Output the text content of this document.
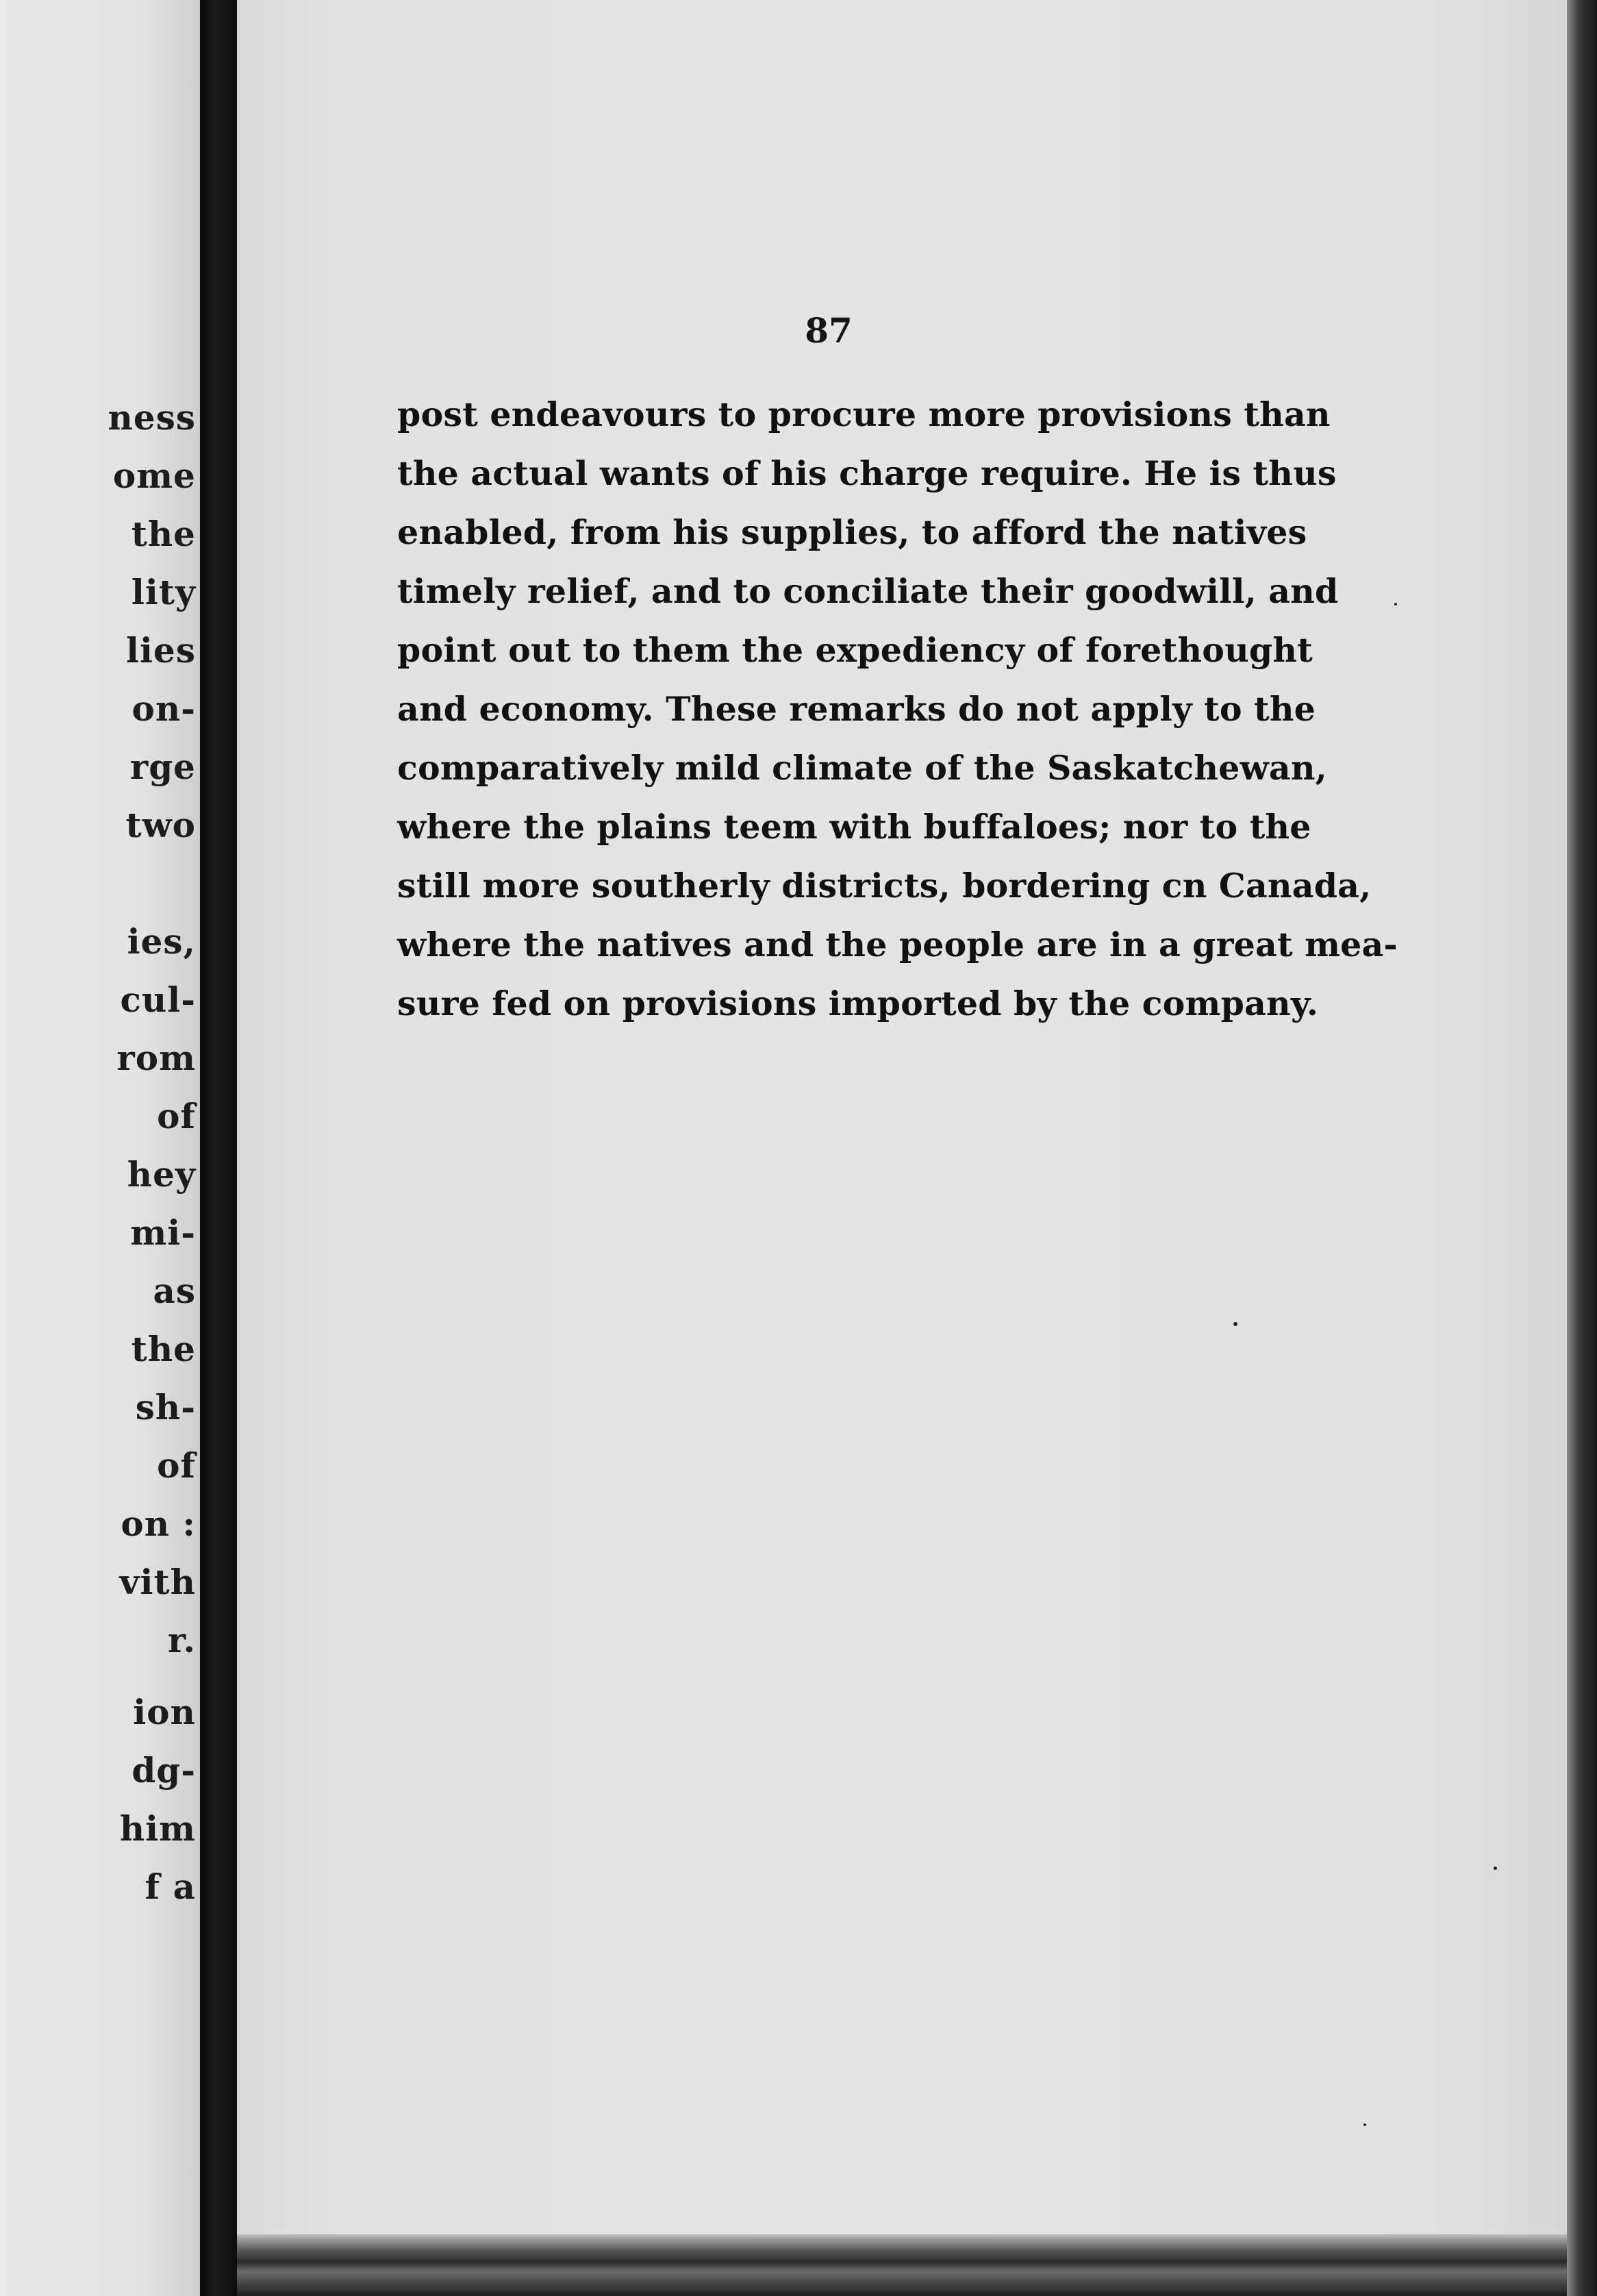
ness
ome
the
lity
lies
on-
rge
two
ies,
cul-
rom
of
hey
mi-
as
the
sh-
of
on :
vith
r.
ion
dg-
him
f a
87
post endeavours to procure more provisions than
the actual wants of his charge require. He is thus
enabled, from his supplies, to afford the natives
timely relief, and to conciliate their goodwill, and
point out to them the expediency of forethought
and economy. These remarks do not apply to the
comparatively mild climate of the Saskatchewan,
where the plains teem with buffaloes; nor to the
still more southerly districts, bordering cn Canada,
where the natives and the people are in a great mea-
sure fed on provisions imported by the company.
